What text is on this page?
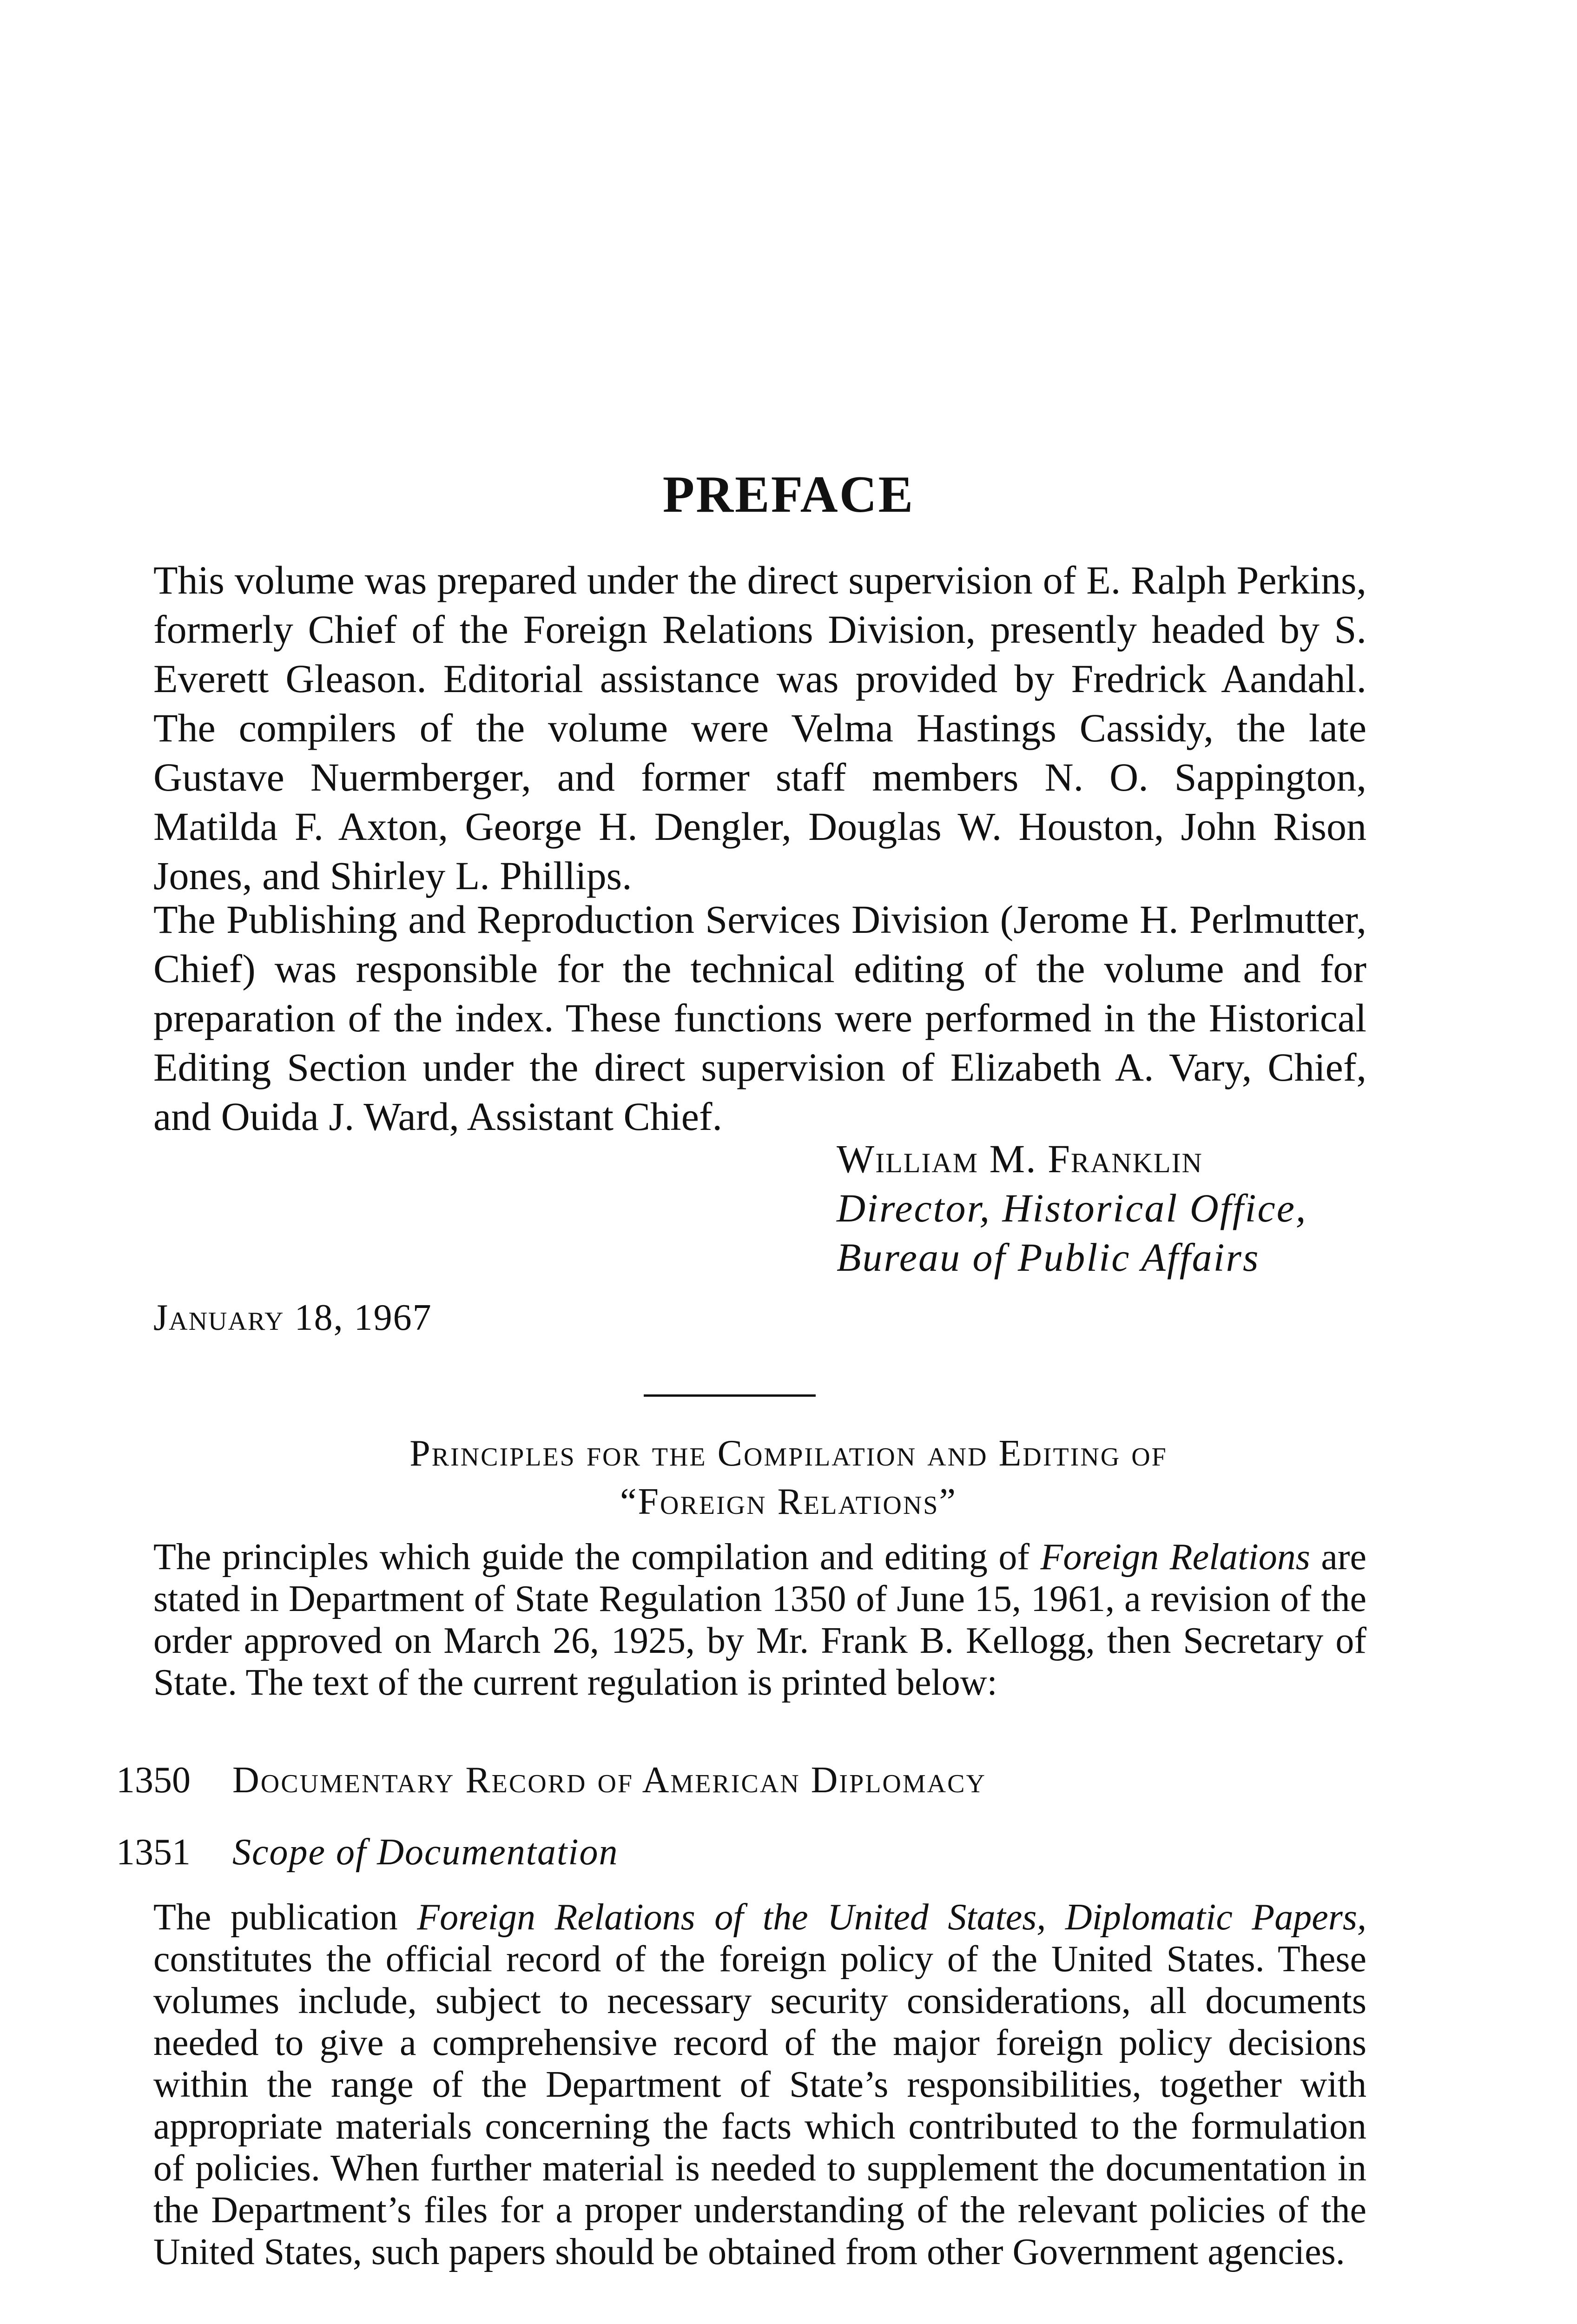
PREFACE
This volume was prepared under the direct supervision of E. Ralph Perkins, formerly Chief of the Foreign Relations Division, presently headed by S. Everett Gleason. Editorial assistance was provided by Fredrick Aandahl. The compilers of the volume were Velma Hastings Cassidy, the late Gustave Nuermberger, and former staff members N. O. Sappington, Matilda F. Axton, George H. Dengler, Douglas W. Houston, John Rison Jones, and Shirley L. Phillips.
The Publishing and Reproduction Services Division (Jerome H. Perlmutter, Chief) was responsible for the technical editing of the volume and for preparation of the index. These functions were performed in the Historical Editing Section under the direct supervision of Elizabeth A. Vary, Chief, and Ouida J. Ward, Assistant Chief.
William M. Franklin
Director, Historical Office,
Bureau of Public Affairs
January 18, 1967
Principles for the Compilation and Editing of
“Foreign Relations”
The principles which guide the compilation and editing of Foreign Relations are stated in Department of State Regulation 1350 of June 15, 1961, a revision of the order approved on March 26, 1925, by Mr. Frank B. Kellogg, then Secretary of State. The text of the current regulation is printed below:
1350 Documentary Record of American Diplomacy
1351 Scope of Documentation
The publication Foreign Relations of the United States, Diplomatic Papers, constitutes the official record of the foreign policy of the United States. These volumes include, subject to necessary security considerations, all documents needed to give a comprehensive record of the major foreign policy decisions within the range of the Department of State’s responsibilities, together with appropriate materials concerning the facts which contributed to the formulation of policies. When further material is needed to supplement the documentation in the Department’s files for a proper understanding of the relevant policies of the United States, such papers should be obtained from other Government agencies.
